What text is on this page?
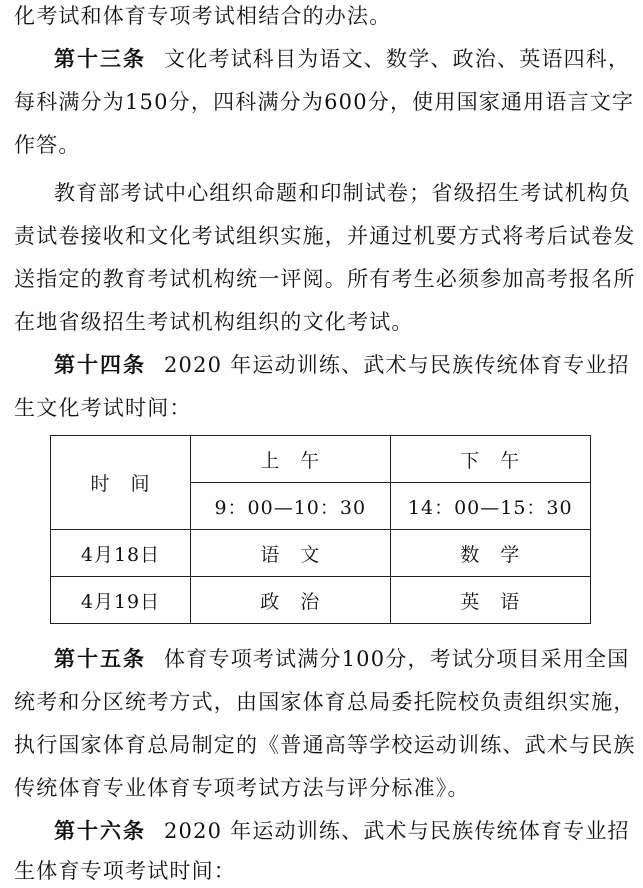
化考试和体育专项考试相结合的办法。
第十三条 文化考试科目为语文、数学、政治、英语四科，
每科满分为150分，四科满分为600分，使用国家通用语言文字
作答。
教育部考试中心组织命题和印制试卷；省级招生考试机构负
责试卷接收和文化考试组织实施，并通过机要方式将考后试卷发
送指定的教育考试机构统一评阅。所有考生必须参加高考报名所
在地省级招生考试机构组织的文化考试。
第十四条 2020 年运动训练、武术与民族传统体育专业招
生文化考试时间：
时　间	上　午	下　午
	9：00—10：30	14：00—15：30
4月18日	语　文	数　学
4月19日	政　治	英　语
第十五条 体育专项考试满分100分，考试分项目采用全国
统考和分区统考方式，由国家体育总局委托院校负责组织实施，
执行国家体育总局制定的《普通高等学校运动训练、武术与民族
传统体育专业体育专项考试方法与评分标准》。
第十六条 2020 年运动训练、武术与民族传统体育专业招
生体育专项考试时间：
